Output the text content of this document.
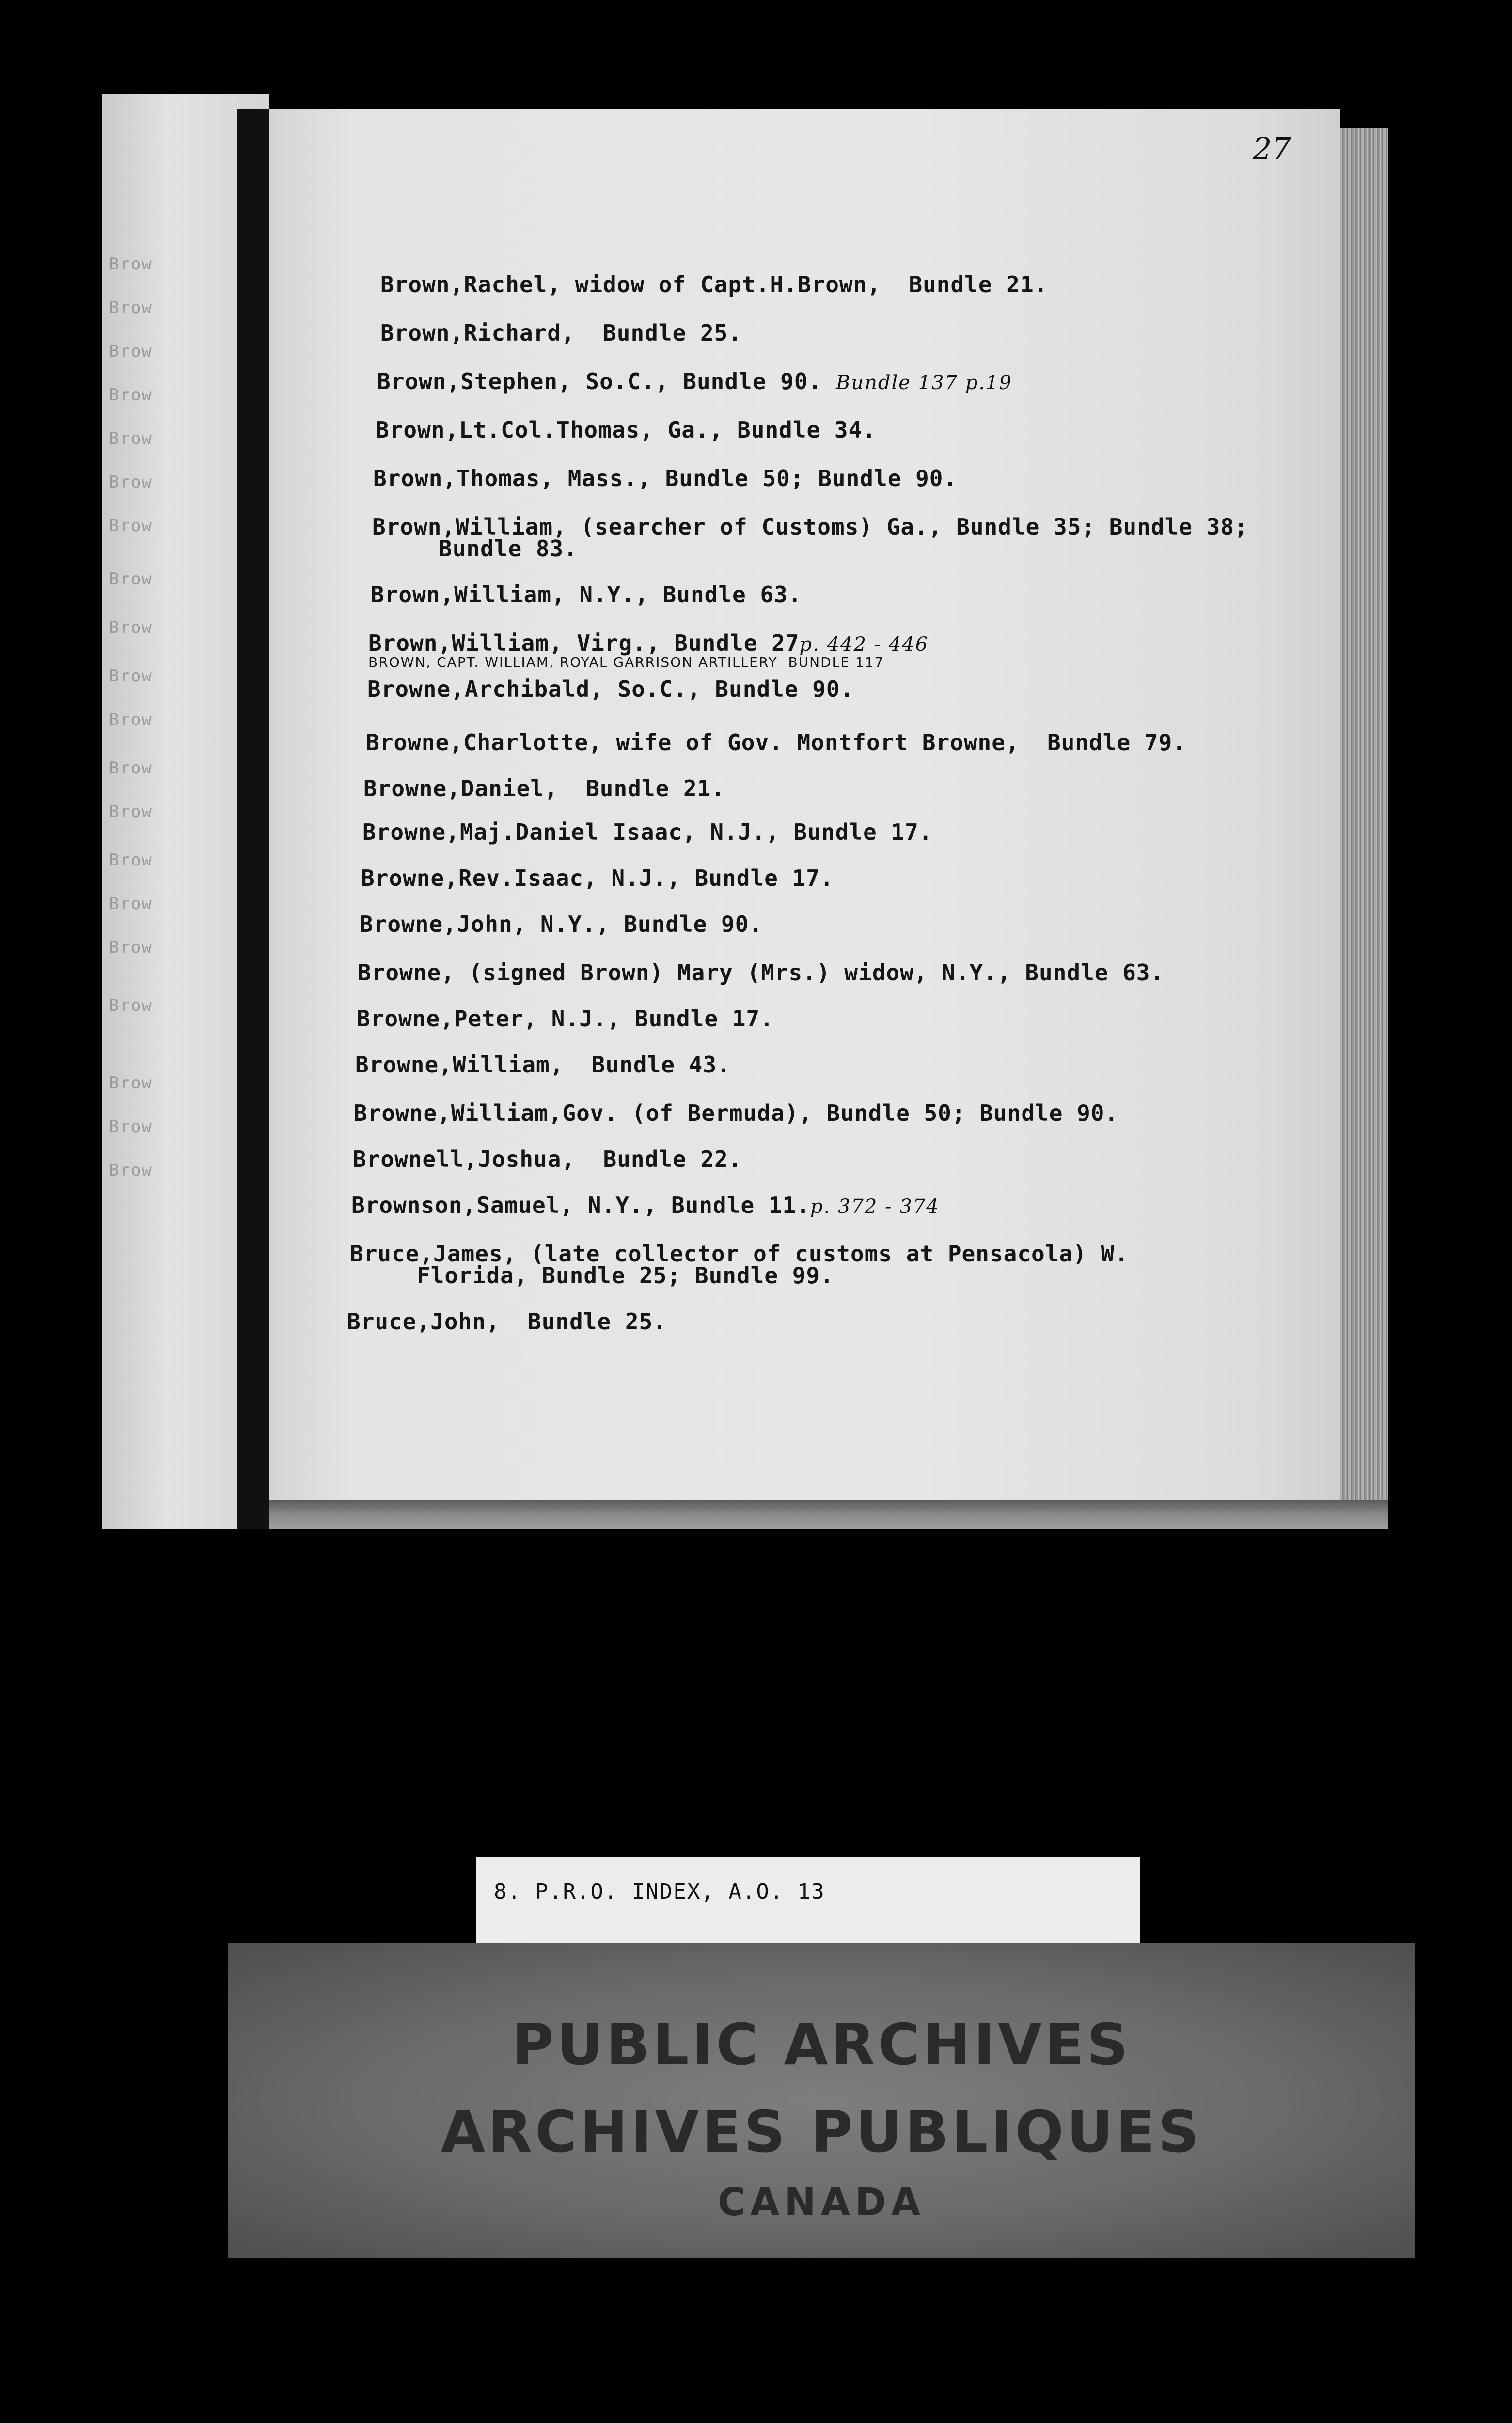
Brow
Brow
Brow
Brow
Brow
Brow
Brow
Brow
Brow
Brow
Brow
Brow
Brow
Brow
Brow
Brow
Brow
Brow
Brow
Brow
27
Brown,Rachel, widow of Capt.H.Brown,  Bundle 21.
Brown,Richard,  Bundle 25.
Brown,Stephen, So.C., Bundle 90. Bundle 137 p.19
Brown,Lt.Col.Thomas, Ga., Bundle 34.
Brown,Thomas, Mass., Bundle 50; Bundle 90.
Brown,William, (searcher of Customs) Ga., Bundle 35; Bundle 38;
Bundle 83.
Brown,William, N.Y., Bundle 63.
Brown,William, Virg., Bundle 27p. 442 - 446
BROWN, CAPT. WILLIAM, ROYAL GARRISON ARTILLERY  BUNDLE 117
Browne,Archibald, So.C., Bundle 90.
Browne,Charlotte, wife of Gov. Montfort Browne,  Bundle 79.
Browne,Daniel,  Bundle 21.
Browne,Maj.Daniel Isaac, N.J., Bundle 17.
Browne,Rev.Isaac, N.J., Bundle 17.
Browne,John, N.Y., Bundle 90.
Browne, (signed Brown) Mary (Mrs.) widow, N.Y., Bundle 63.
Browne,Peter, N.J., Bundle 17.
Browne,William,  Bundle 43.
Browne,William,Gov. (of Bermuda), Bundle 50; Bundle 90.
Brownell,Joshua,  Bundle 22.
Brownson,Samuel, N.Y., Bundle 11.p. 372 - 374
Bruce,James, (late collector of customs at Pensacola) W.
Florida, Bundle 25; Bundle 99.
Bruce,John,  Bundle 25.
8. P.R.O. INDEX, A.O. 13
PUBLIC ARCHIVES
ARCHIVES PUBLIQUES
CANADA
